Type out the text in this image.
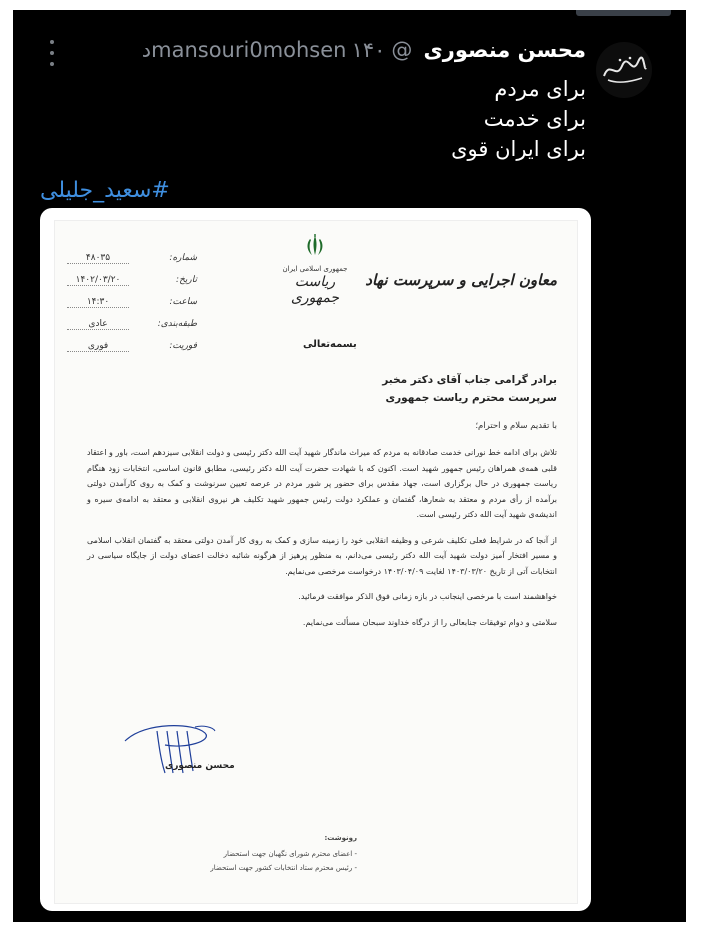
محسن منصوری @mansouri0mohsen ۱۴۰د
برای مردم
برای خدمت
برای ایران قوی
#سعید_جلیلی
شماره:
۴۸۰۳۵
تاریخ:
۱۴۰۲/۰۳/۲۰
ساعت:
۱۴:۳۰
طبقه‌بندی:
عادی
فوریت:
فوری
جمهوری اسلامی ایران
ریاست جمهوری
معاون اجرایی و سرپرست نهاد
بسمه‌تعالی
برادر گرامی جناب آقای دکتر مخبر
سرپرست محترم ریاست جمهوری
با تقدیم سلام و احترام؛

تلاش برای ادامه خط نورانی خدمت صادقانه به مردم که میراث ماندگار شهید آیت الله دکتر رئیسی و دولت انقلابی سیزدهم است، باور و اعتقاد قلبی همه‌ی همراهان رئیس جمهور شهید است. اکنون که با شهادت حضرت آیت الله دکتر رئیسی، مطابق قانون اساسی، انتخابات زود هنگام ریاست جمهوری در حال برگزاری است، جهاد مقدس برای حضور پر شور مردم در عرصه تعیین سرنوشت و کمک به روی کارآمدن دولتی برآمده از رأی مردم و معتقد به شعارها، گفتمان و عملکرد دولت رئیس جمهور شهید تکلیف هر نیروی انقلابی و معتقد به ادامه‌ی سیره و اندیشه‌ی شهید آیت الله دکتر رئیسی است.

از آنجا که در شرایط فعلی تکلیف شرعی و وظیفه انقلابی خود را زمینه سازی و کمک به روی کار آمدن دولتی معتقد به گفتمان انقلاب اسلامی و مسیر افتخار آمیز دولت شهید آیت الله دکتر رئیسی می‌دانم، به منظور پرهیز از هرگونه شائبه دخالت اعضای دولت از جایگاه سیاسی در انتخابات آتی از تاریخ ۱۴۰۳/۰۳/۲۰ لغایت ۱۴۰۳/۰۴/۰۹ درخواست مرخصی می‌نمایم.

خواهشمند است با مرخصی اینجانب در بازه زمانی فوق الذکر موافقت فرمائید.

سلامتی و دوام توفیقات جنابعالی را از درگاه خداوند سبحان مسألت می‌نمایم.

محسن منصوری
رونوشت:
- اعضای محترم شورای نگهبان جهت استحضار
- رئیس محترم ستاد انتخابات کشور جهت استحضار
